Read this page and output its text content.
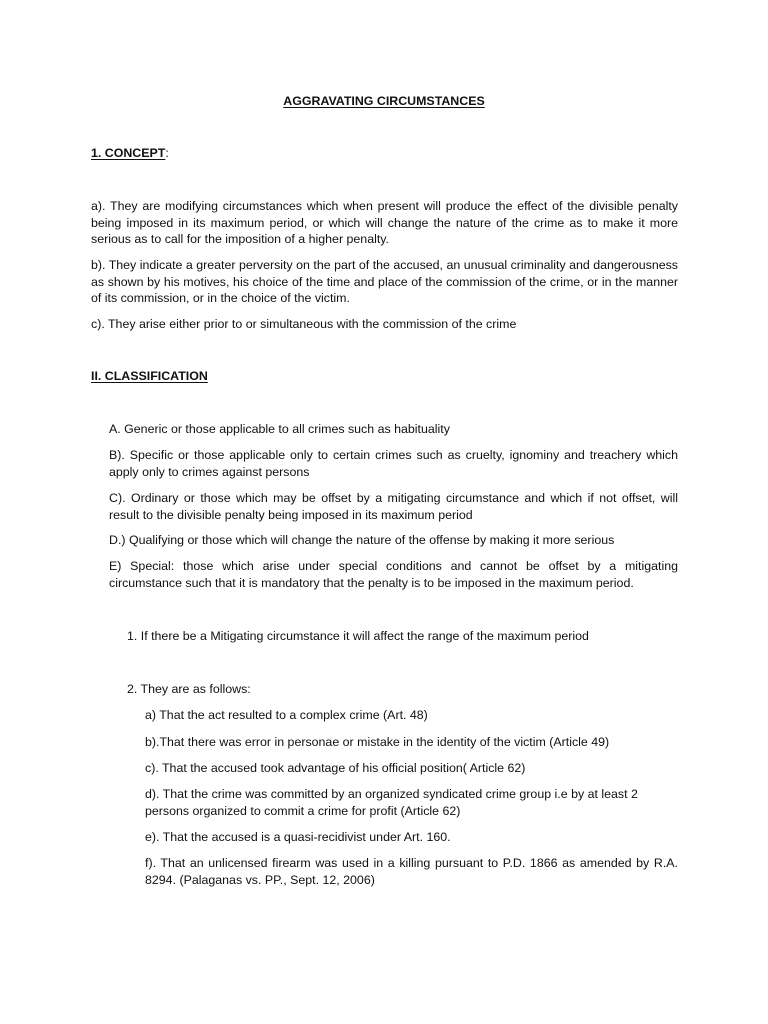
AGGRAVATING CIRCUMSTANCES
1. CONCEPT:
a). They are modifying circumstances which when present will produce the effect of the divisible penalty being imposed in its maximum period, or which will change the nature of the crime as to make it more serious as to call for the imposition of a higher penalty.
b). They indicate a greater perversity on the part of the accused, an unusual criminality and dangerousness as shown by his motives, his choice of the time and place of the commission of the crime, or in the manner of its commission, or in the choice of the victim.
c). They arise either prior to or simultaneous with the commission of the crime
II. CLASSIFICATION
A. Generic or those applicable to all crimes such as habituality
B). Specific or those applicable only to certain crimes such as cruelty, ignominy and treachery which apply only to crimes against persons
C). Ordinary or those which may be offset by a mitigating circumstance and which if not offset, will result to the divisible penalty being imposed in its maximum period
D.) Qualifying or those which will change the nature of the offense by making it more serious
E) Special: those which arise under special conditions and cannot be offset by a mitigating circumstance such that it is mandatory that the penalty is to be imposed in the maximum period.
1. If there be a Mitigating circumstance it will affect the range of the maximum period
2. They are as follows:
a) That the act resulted to a complex crime (Art. 48)
b).That there was error in personae or mistake in the identity of the victim (Article 49)
c). That the accused took advantage of his official position( Article 62)
d). That the crime was committed by an organized syndicated crime group i.e by at least 2 persons organized to commit a crime for profit (Article 62)
e). That the accused is a quasi-recidivist under Art. 160.
f). That an unlicensed firearm was used in a killing pursuant to P.D. 1866 as amended by R.A. 8294. (Palaganas vs. PP., Sept. 12, 2006)
